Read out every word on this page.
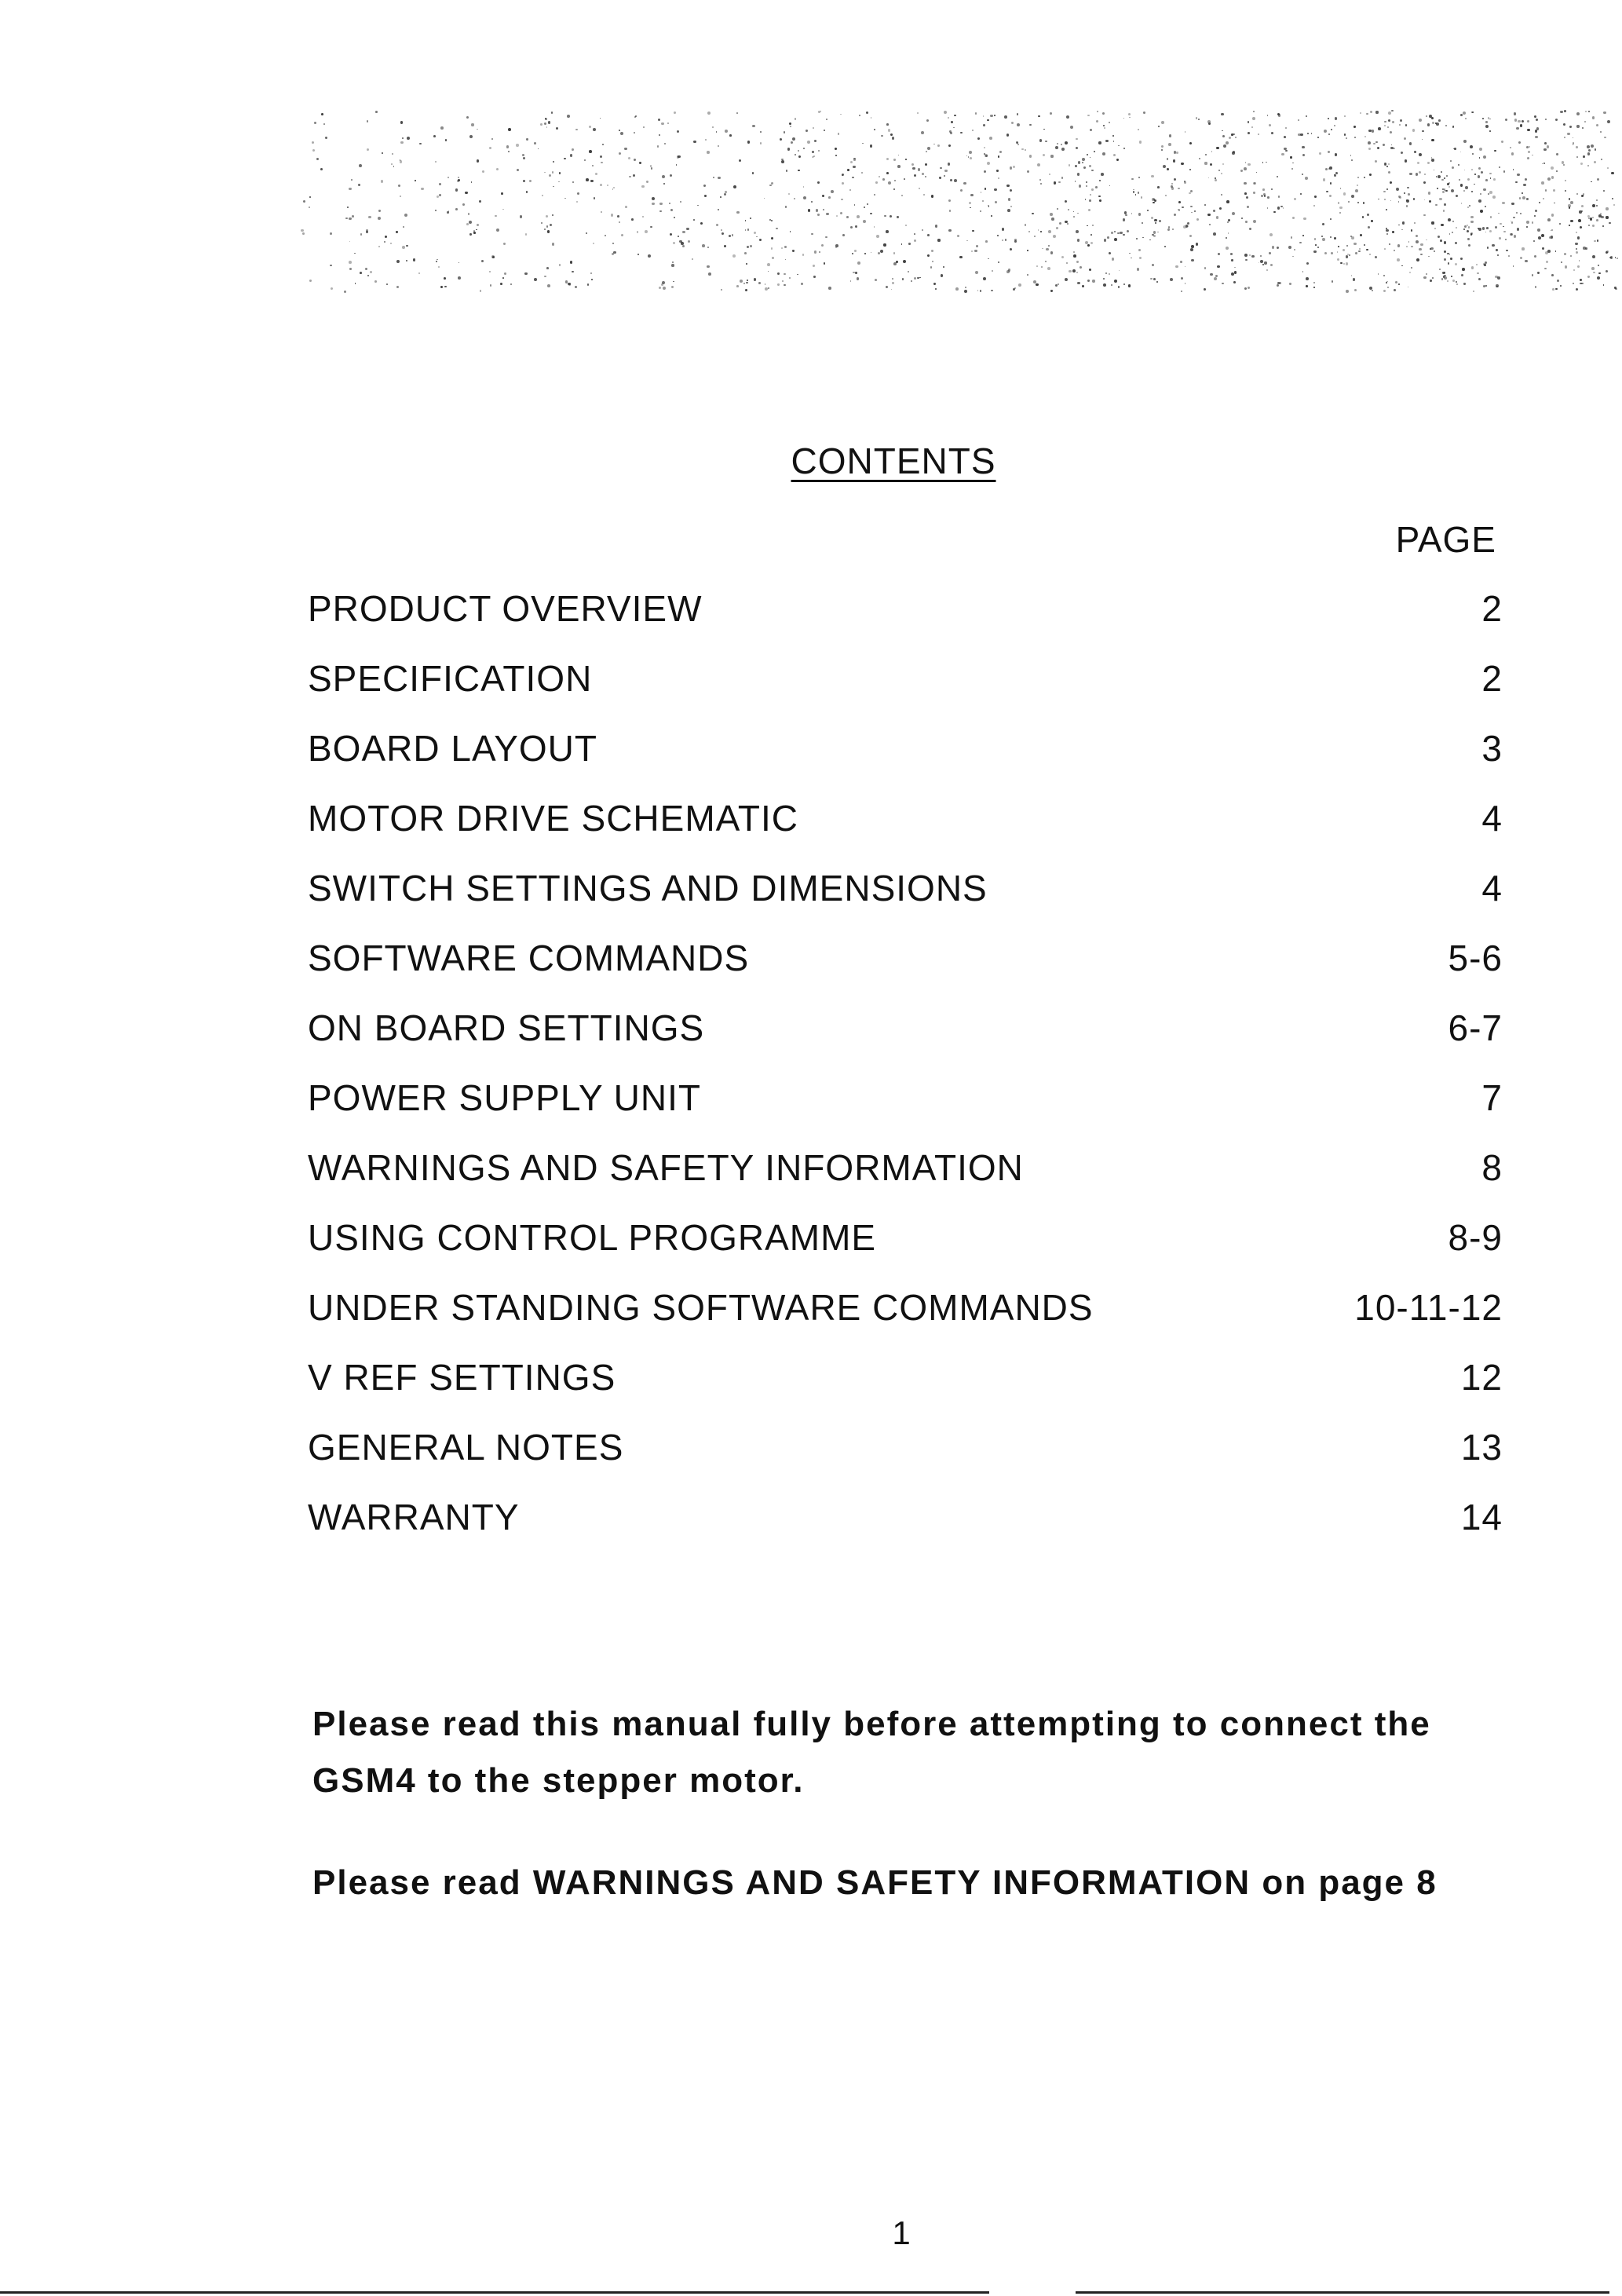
CONTENTS
PAGE
PRODUCT OVERVIEW	2
SPECIFICATION	2
BOARD LAYOUT	3
MOTOR DRIVE SCHEMATIC	4
SWITCH SETTINGS AND DIMENSIONS	4
SOFTWARE COMMANDS	5-6
ON BOARD SETTINGS	6-7
POWER SUPPLY UNIT	7
WARNINGS AND SAFETY INFORMATION	8
USING CONTROL PROGRAMME	8-9
UNDER STANDING SOFTWARE COMMANDS	10-11-12
V REF SETTINGS	12
GENERAL NOTES	13
WARRANTY	14
Please read this manual fully before attempting to connect the GSM4 to the stepper motor.
Please read WARNINGS AND SAFETY INFORMATION on page 8
1
